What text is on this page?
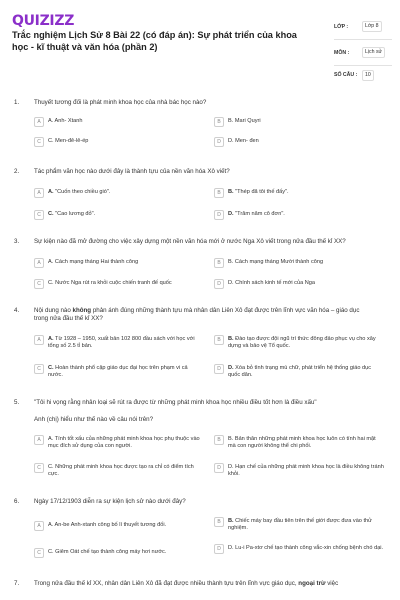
QUIZIZZ
Trắc nghiệm Lịch Sử 8 Bài 22 (có đáp án): Sự phát triển của khoa học - kĩ thuật và văn hóa (phần 2)
LỚP :	Lớp 8
MÔN :	Lịch sử
SỐ CÂU :	10
1. Thuyết tương đối là phát minh khoa học của nhà bác học nào?
A	A. Anh- Xtanh	B	B. Mari Quyri
C	C. Men-đê-lê-ép	D	D. Men- đen
2. Tác phẩm văn học nào dưới đây là thành tựu của nền văn hóa Xô viết?
A	A. "Cuốn theo chiều gió".	B	B. "Thép đã tôi thế đấy".
C	C. "Cao lương đỏ".	D	D. "Trăm năm cô đơn".
3. Sự kiện nào đã mở đường cho việc xây dựng một nền văn hóa mới ở nước Nga Xô viết trong nửa đầu thế kỉ XX?
A	A. Cách mạng tháng Hai thành công	B	B. Cách mạng tháng Mười thành công
C	C. Nước Nga rút ra khỏi cuộc chiến tranh đế quốc	D	D. Chính sách kinh tế mới của Nga
4. Nội dung nào không phản ánh đúng những thành tựu mà nhân dân Liên Xô đạt được trên lĩnh vực văn hóa – giáo dục trong nửa đầu thế kỉ XX?
A	A. Từ 1928 – 1950, xuất bản 102 800 đầu sách với học với tổng số 2.5 tỉ bản.
B	B. Đào tạo được đội ngũ trí thức đông đảo phục vụ cho xây dựng và bảo vệ Tổ quốc.
C	C. Hoàn thành phổ cập giáo dục đại học trên phạm vi cả nước.
D	D. Xóa bỏ tình trạng mù chữ, phát triển hệ thống giáo dục quốc dân.
5. "Tôi hi vọng rằng nhân loại sẽ rút ra được từ những phát minh khoa học nhiều điều tốt hơn là điều xấu"
Anh (chị) hiểu như thế nào về câu nói trên?
A	A. Tính tốt xấu của những phát minh khoa học phụ thuộc vào mục đích sử dụng của con người.
B	B. Bản thân những phát minh khoa học luôn có tính hai mặt mà con người không thể chi phối.
C	C. Những phát minh khoa học được tạo ra chỉ có điểm tích cực.
D	D. Hạn chế của những phát minh khoa học là điều không tránh khỏi.
6. Ngày 17/12/1903 diễn ra sự kiện lịch sử nào dưới đây?
A	A. An-be Anh-xtanh công bố lí thuyết tương đối.	B	B. Chiếc máy bay đầu tiên trên thế giới được đưa vào thử nghiệm.
C	C. Giêm Oát chế tạo thành công máy hơi nước.	D	D. Lu-i Pa-xtơ chế tạo thành công vắc-xin chống bệnh chó dại.
7. Trong nửa đầu thế kỉ XX, nhân dân Liên Xô đã đạt được nhiều thành tựu trên lĩnh vực giáo dục, ngoại trừ việc
